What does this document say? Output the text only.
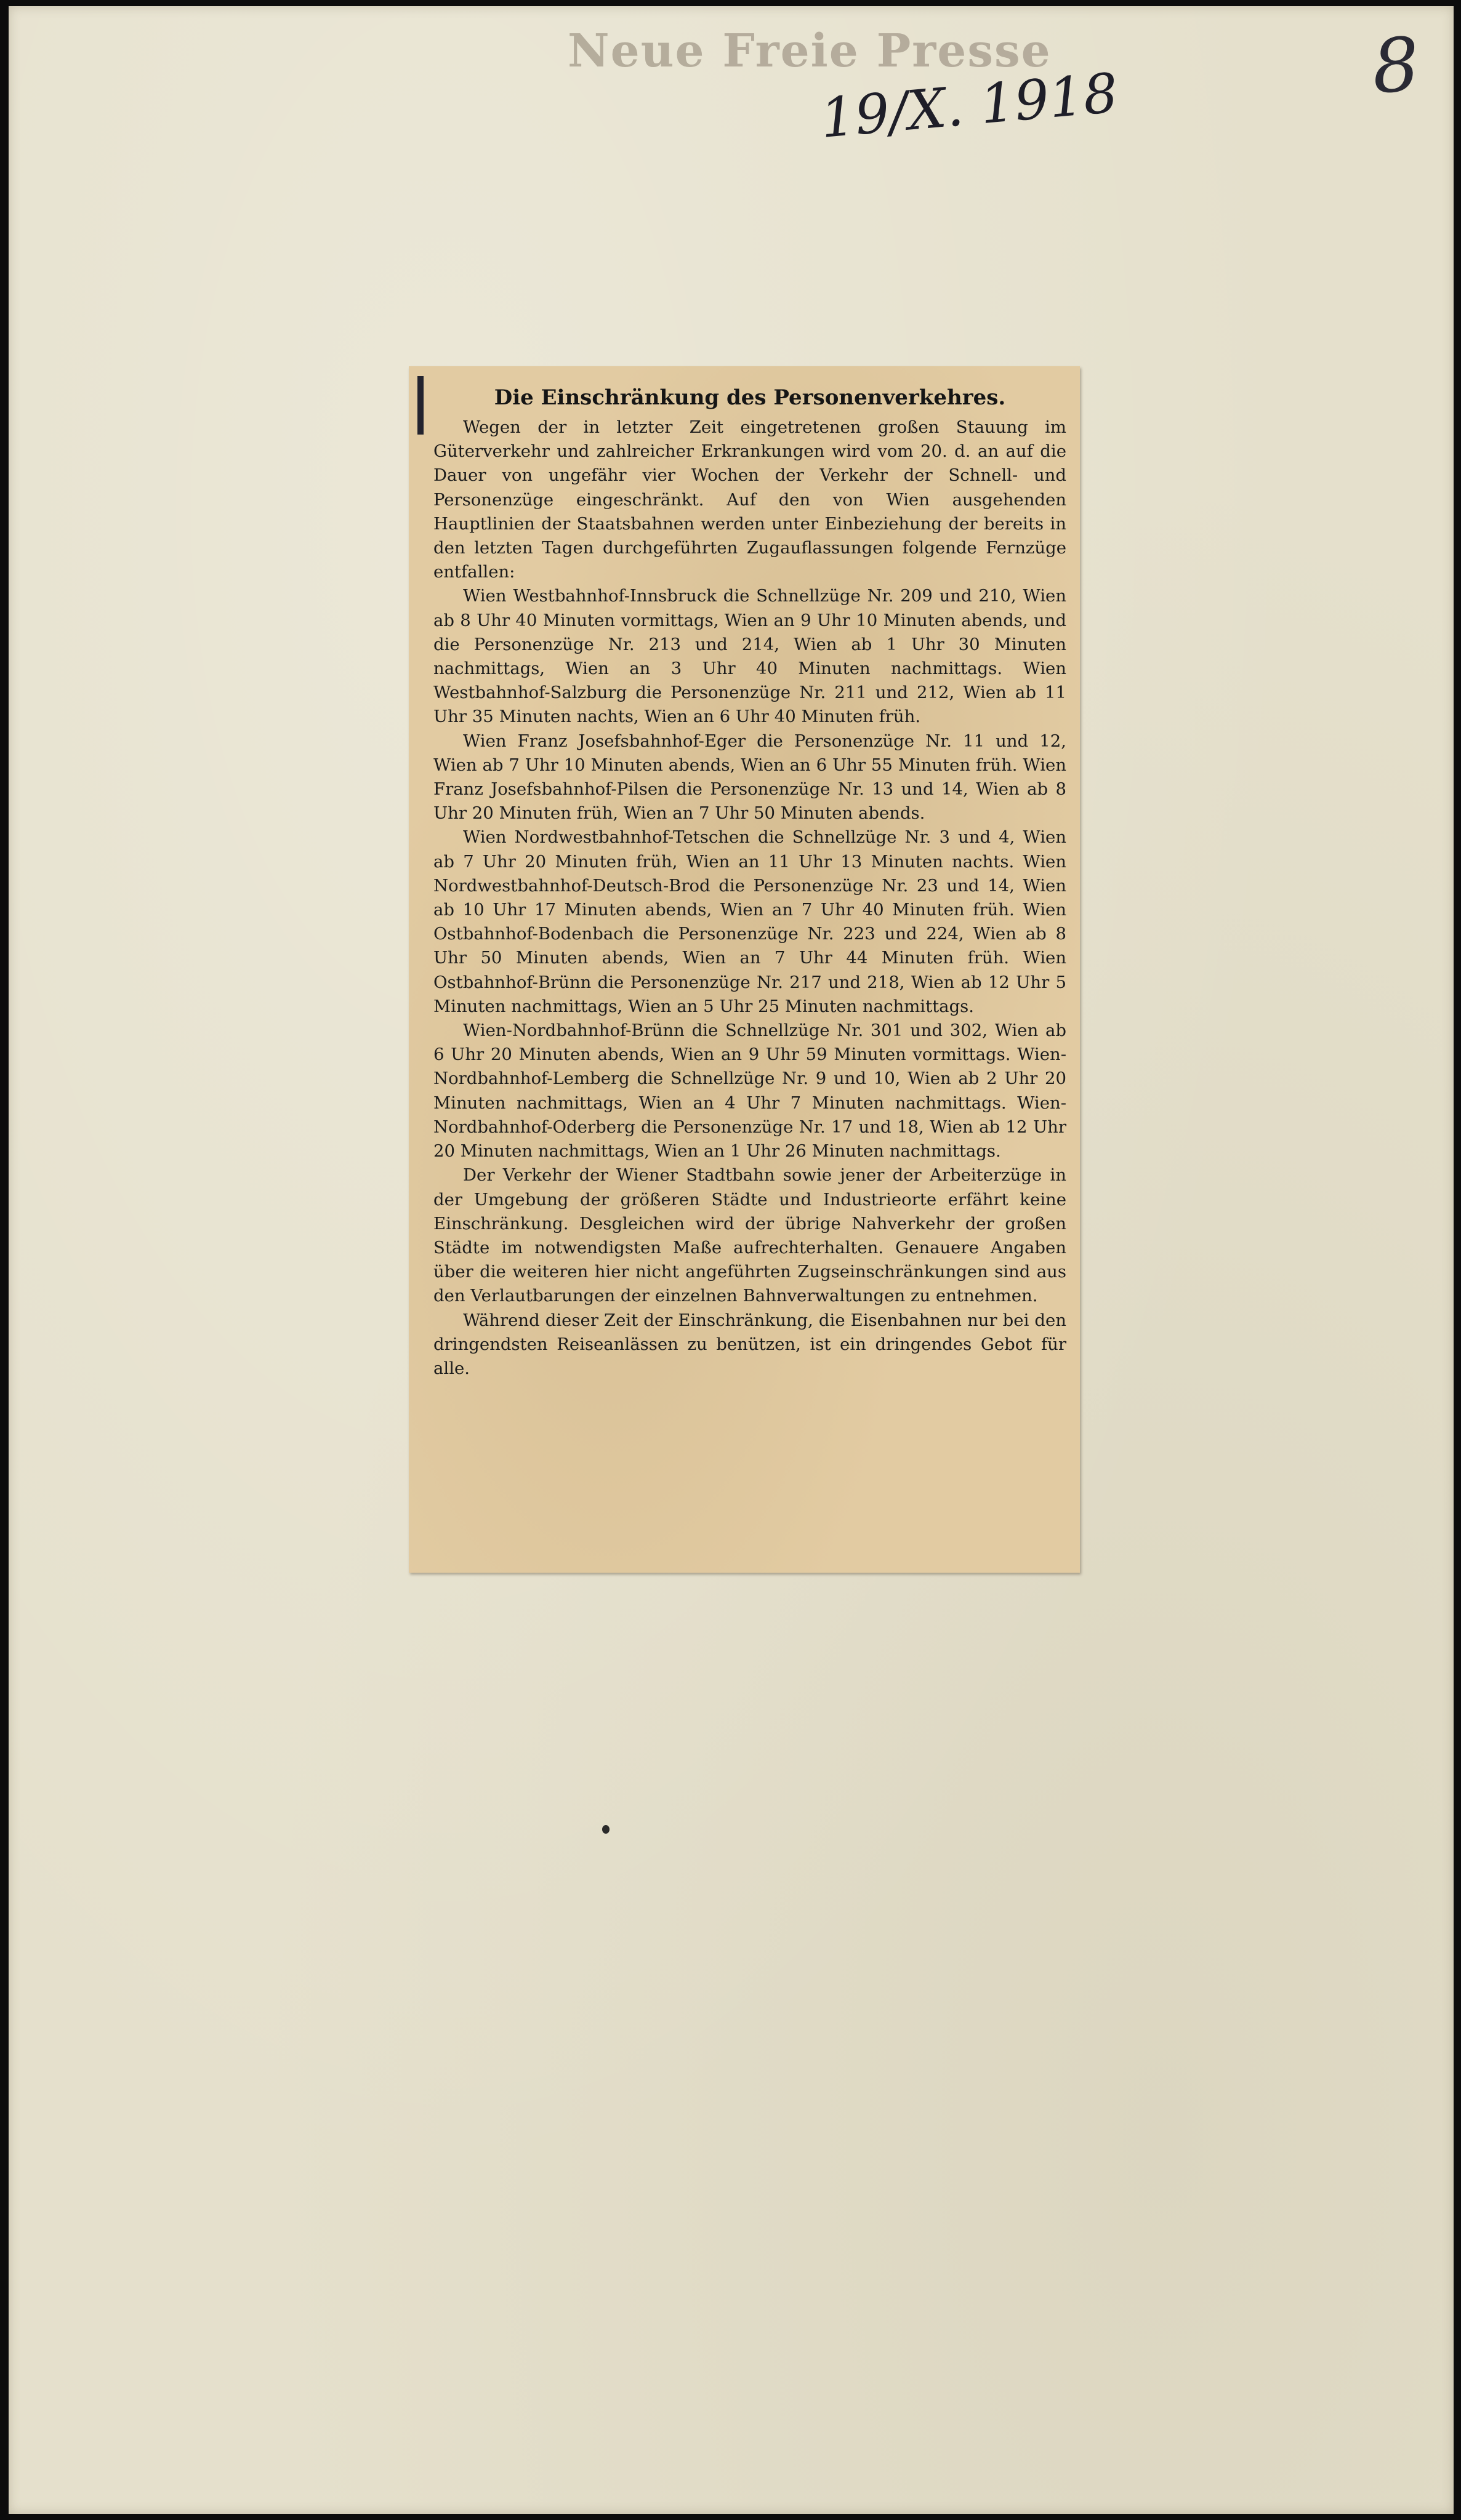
Neue Freie Presse
19/X. 1918	8
Die Einschränkung des Personenverkehres.

Wegen der in letzter Zeit eingetretenen großen Stauung im Güterverkehr und zahlreicher Erkrankungen wird vom 20. d. an auf die Dauer von ungefähr vier Wochen der Verkehr der Schnell- und Personenzüge eingeschränkt. Auf den von Wien ausgehenden Hauptlinien der Staatsbahnen werden unter Einbeziehung der bereits in den letzten Tagen durchgeführten Zugauflassungen folgende Fernzüge entfallen:

Wien Westbahnhof-Innsbruck die Schnellzüge Nr. 209 und 210, Wien ab 8 Uhr 40 Minuten vormittags, Wien an 9 Uhr 10 Minuten abends, und die Personenzüge Nr. 213 und 214, Wien ab 1 Uhr 30 Minuten nachmittags, Wien an 3 Uhr 40 Minuten nachmittags. Wien Westbahnhof-Salzburg die Personenzüge Nr. 211 und 212, Wien ab 11 Uhr 35 Minuten nachts, Wien an 6 Uhr 40 Minuten früh.

Wien Franz Josefsbahnhof-Eger die Personenzüge Nr. 11 und 12, Wien ab 7 Uhr 10 Minuten abends, Wien an 6 Uhr 55 Minuten früh. Wien Franz Josefsbahnhof-Pilsen die Personenzüge Nr. 13 und 14, Wien ab 8 Uhr 20 Minuten früh, Wien an 7 Uhr 50 Minuten abends.

Wien Nordwestbahnhof-Tetschen die Schnellzüge Nr. 3 und 4, Wien ab 7 Uhr 20 Minuten früh, Wien an 11 Uhr 13 Minuten nachts. Wien Nordwestbahnhof-Deutsch-Brod die Personenzüge Nr. 23 und 14, Wien ab 10 Uhr 17 Minuten abends, Wien an 7 Uhr 40 Minuten früh. Wien Ostbahnhof-Bodenbach die Personenzüge Nr. 223 und 224, Wien ab 8 Uhr 50 Minuten abends, Wien an 7 Uhr 44 Minuten früh. Wien Ostbahnhof-Brünn die Personenzüge Nr. 217 und 218, Wien ab 12 Uhr 5 Minuten nachmittags, Wien an 5 Uhr 25 Minuten nachmittags.

Wien-Nordbahnhof-Brünn die Schnellzüge Nr. 301 und 302, Wien ab 6 Uhr 20 Minuten abends, Wien an 9 Uhr 59 Minuten vormittags. Wien-Nordbahnhof-Lemberg die Schnellzüge Nr. 9 und 10, Wien ab 2 Uhr 20 Minuten nachmittags, Wien an 4 Uhr 7 Minuten nachmittags. Wien-Nordbahnhof-Oderberg die Personenzüge Nr. 17 und 18, Wien ab 12 Uhr 20 Minuten nachmittags, Wien an 1 Uhr 26 Minuten nachmittags.

Der Verkehr der Wiener Stadtbahn sowie jener der Arbeiterzüge in der Umgebung der größeren Städte und Industrieorte erfährt keine Einschränkung. Desgleichen wird der übrige Nahverkehr der großen Städte im notwendigsten Maße aufrechterhalten. Genauere Angaben über die weiteren hier nicht angeführten Zugseinschränkungen sind aus den Verlautbarungen der einzelnen Bahnverwaltungen zu entnehmen.

Während dieser Zeit der Einschränkung, die Eisenbahnen nur bei den dringendsten Reiseanlässen zu benützen, ist ein dringendes Gebot für alle.
